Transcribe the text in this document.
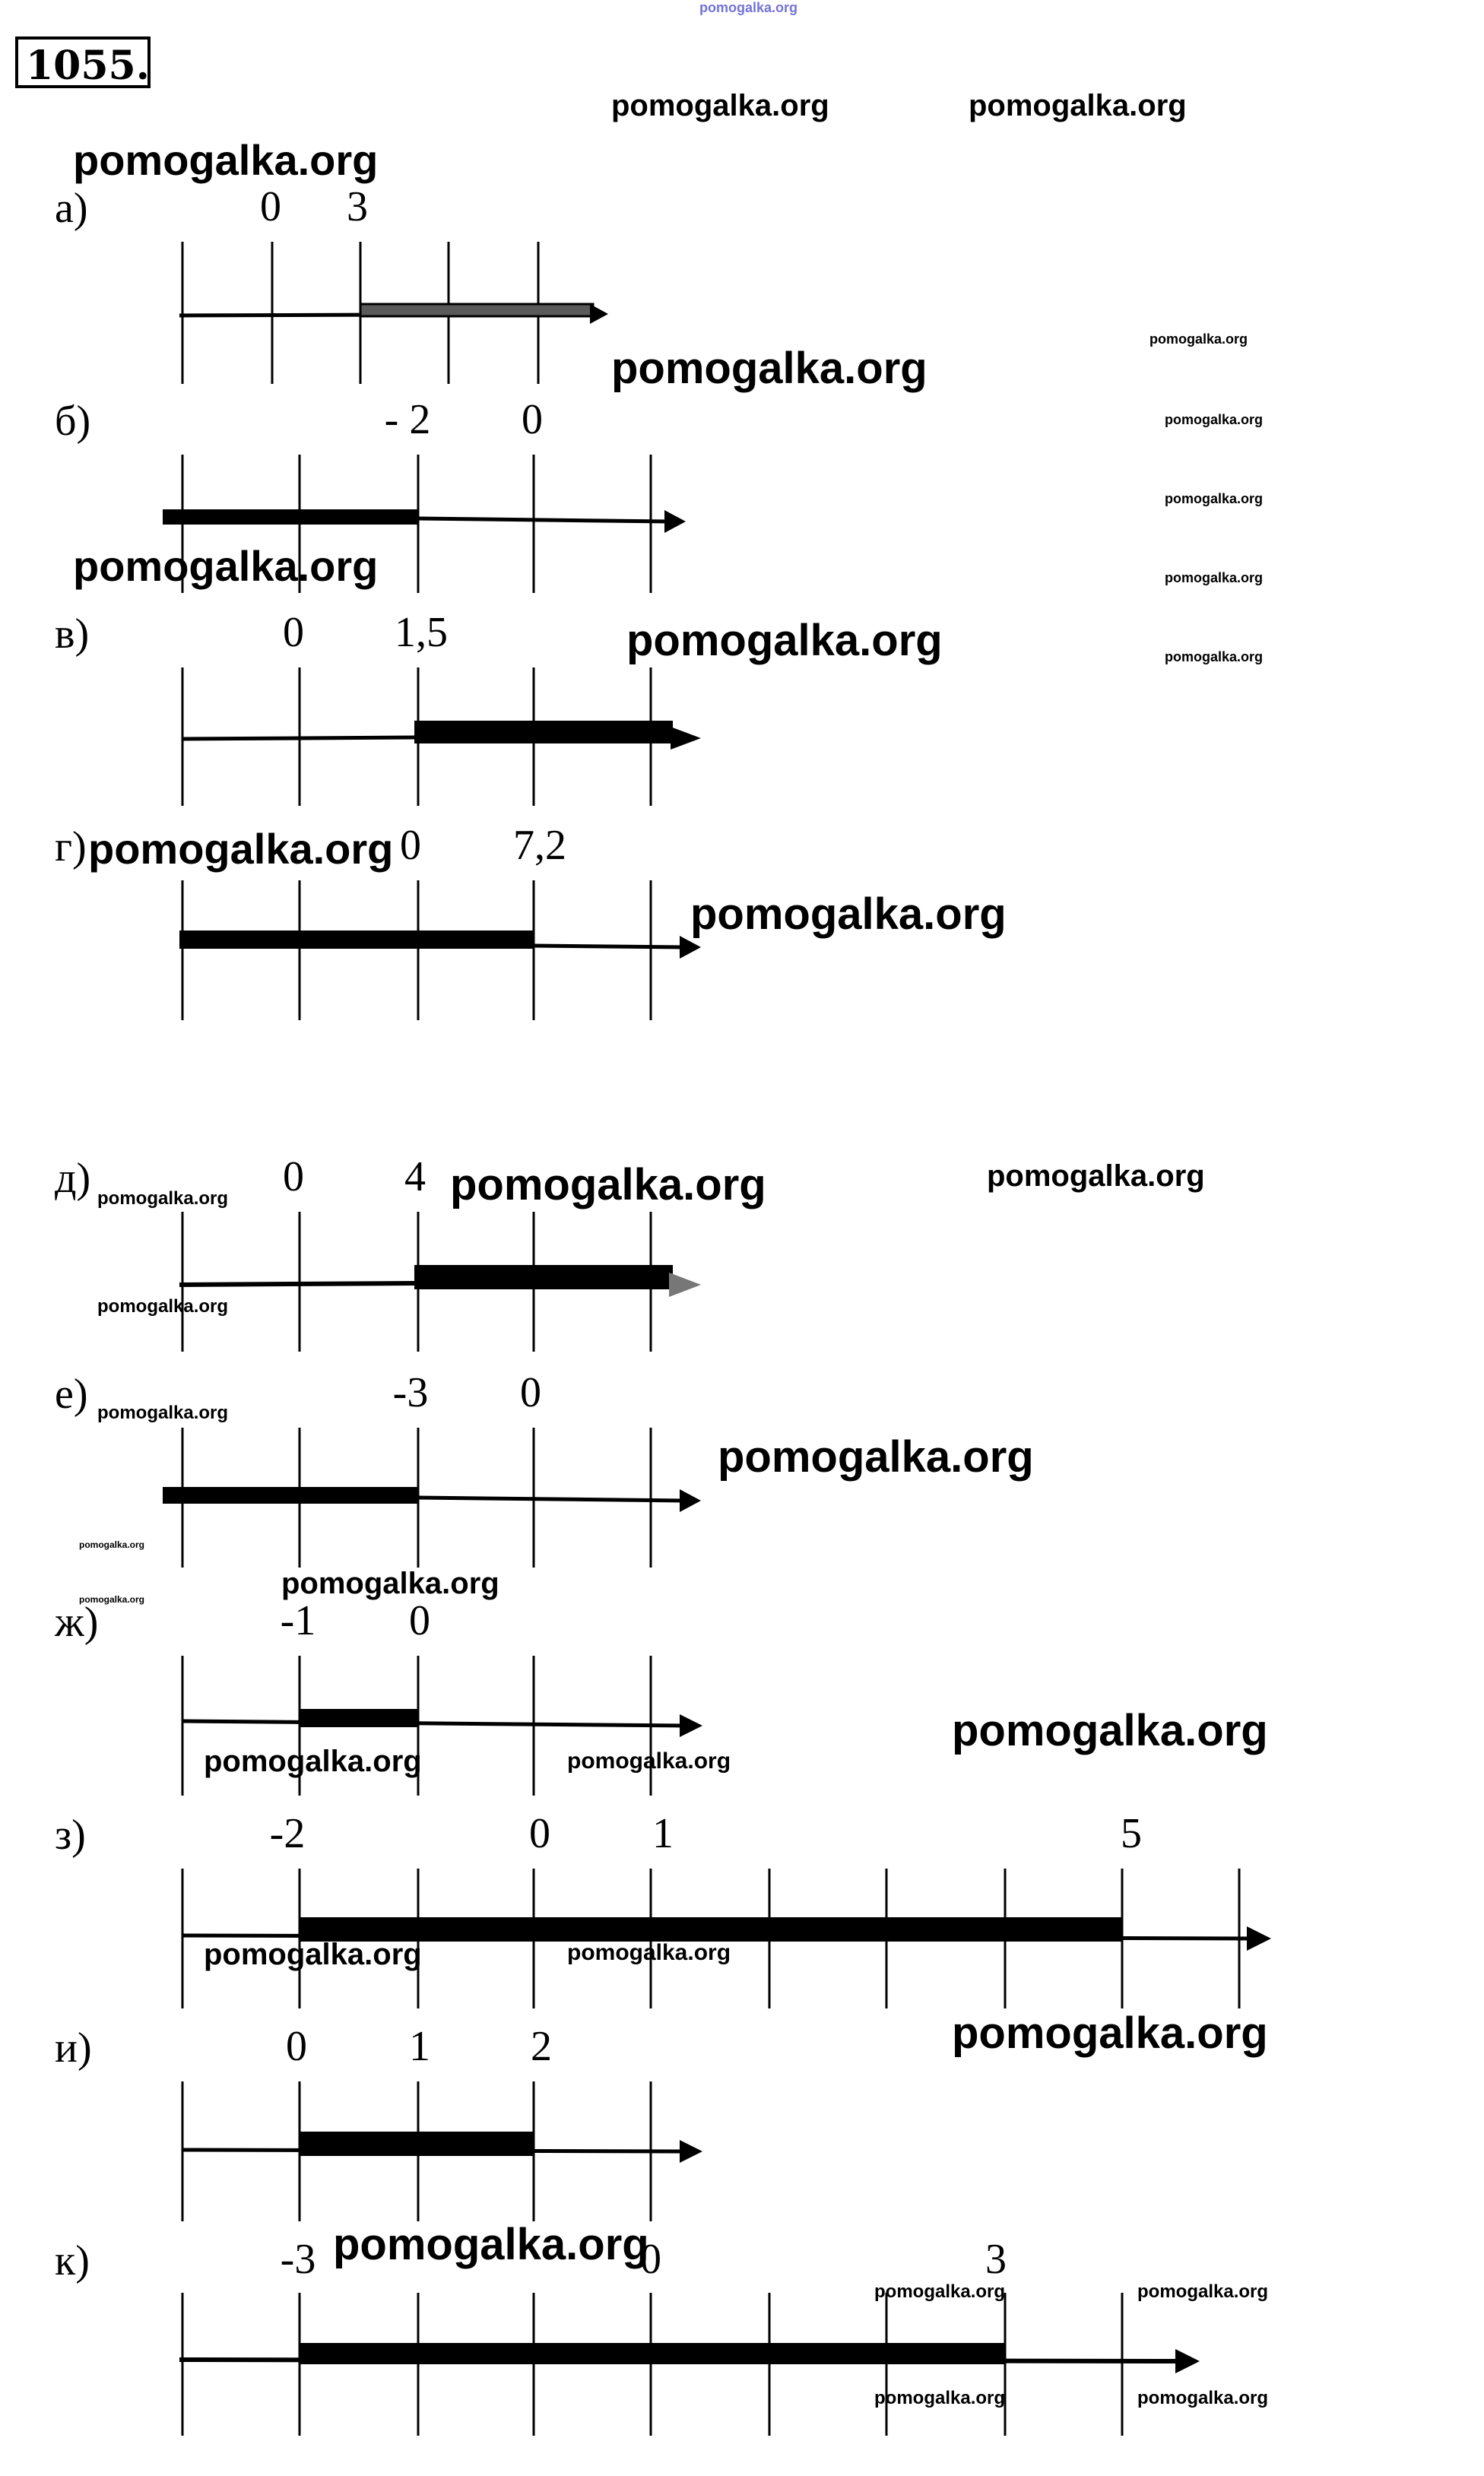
1055.
pomogalka.org
а)	0 3
б)	- 2 0
в)	0 1,5
г)	0 7,2
д)	0 4
е)	-3 0
ж)	-1 0
з)	-2	0 1	5
и)	0 1 2
к)	-3	0	3
pomogalka.org	pomogalka.org
pomogalka.org
pomogalka.org
pomogalka.org
pomogalka.org
pomogalka.org
pomogalka.org
pomogalka.org
pomogalka.org
pomogalka.org
pomogalka.org
pomogalka.org
pomogalka.org	pomogalka.org
pomogalka.org
pomogalka.org
pomogalka.org
pomogalka.org
pomogalka.org
pomogalka.org	pomogalka.org
pomogalka.org
pomogalka.org	pomogalka.org
pomogalka.org	pomogalka.org
pomogalka.org
pomogalka.org
pomogalka.org	pomogalka.org
pomogalka.org	pomogalka.org
